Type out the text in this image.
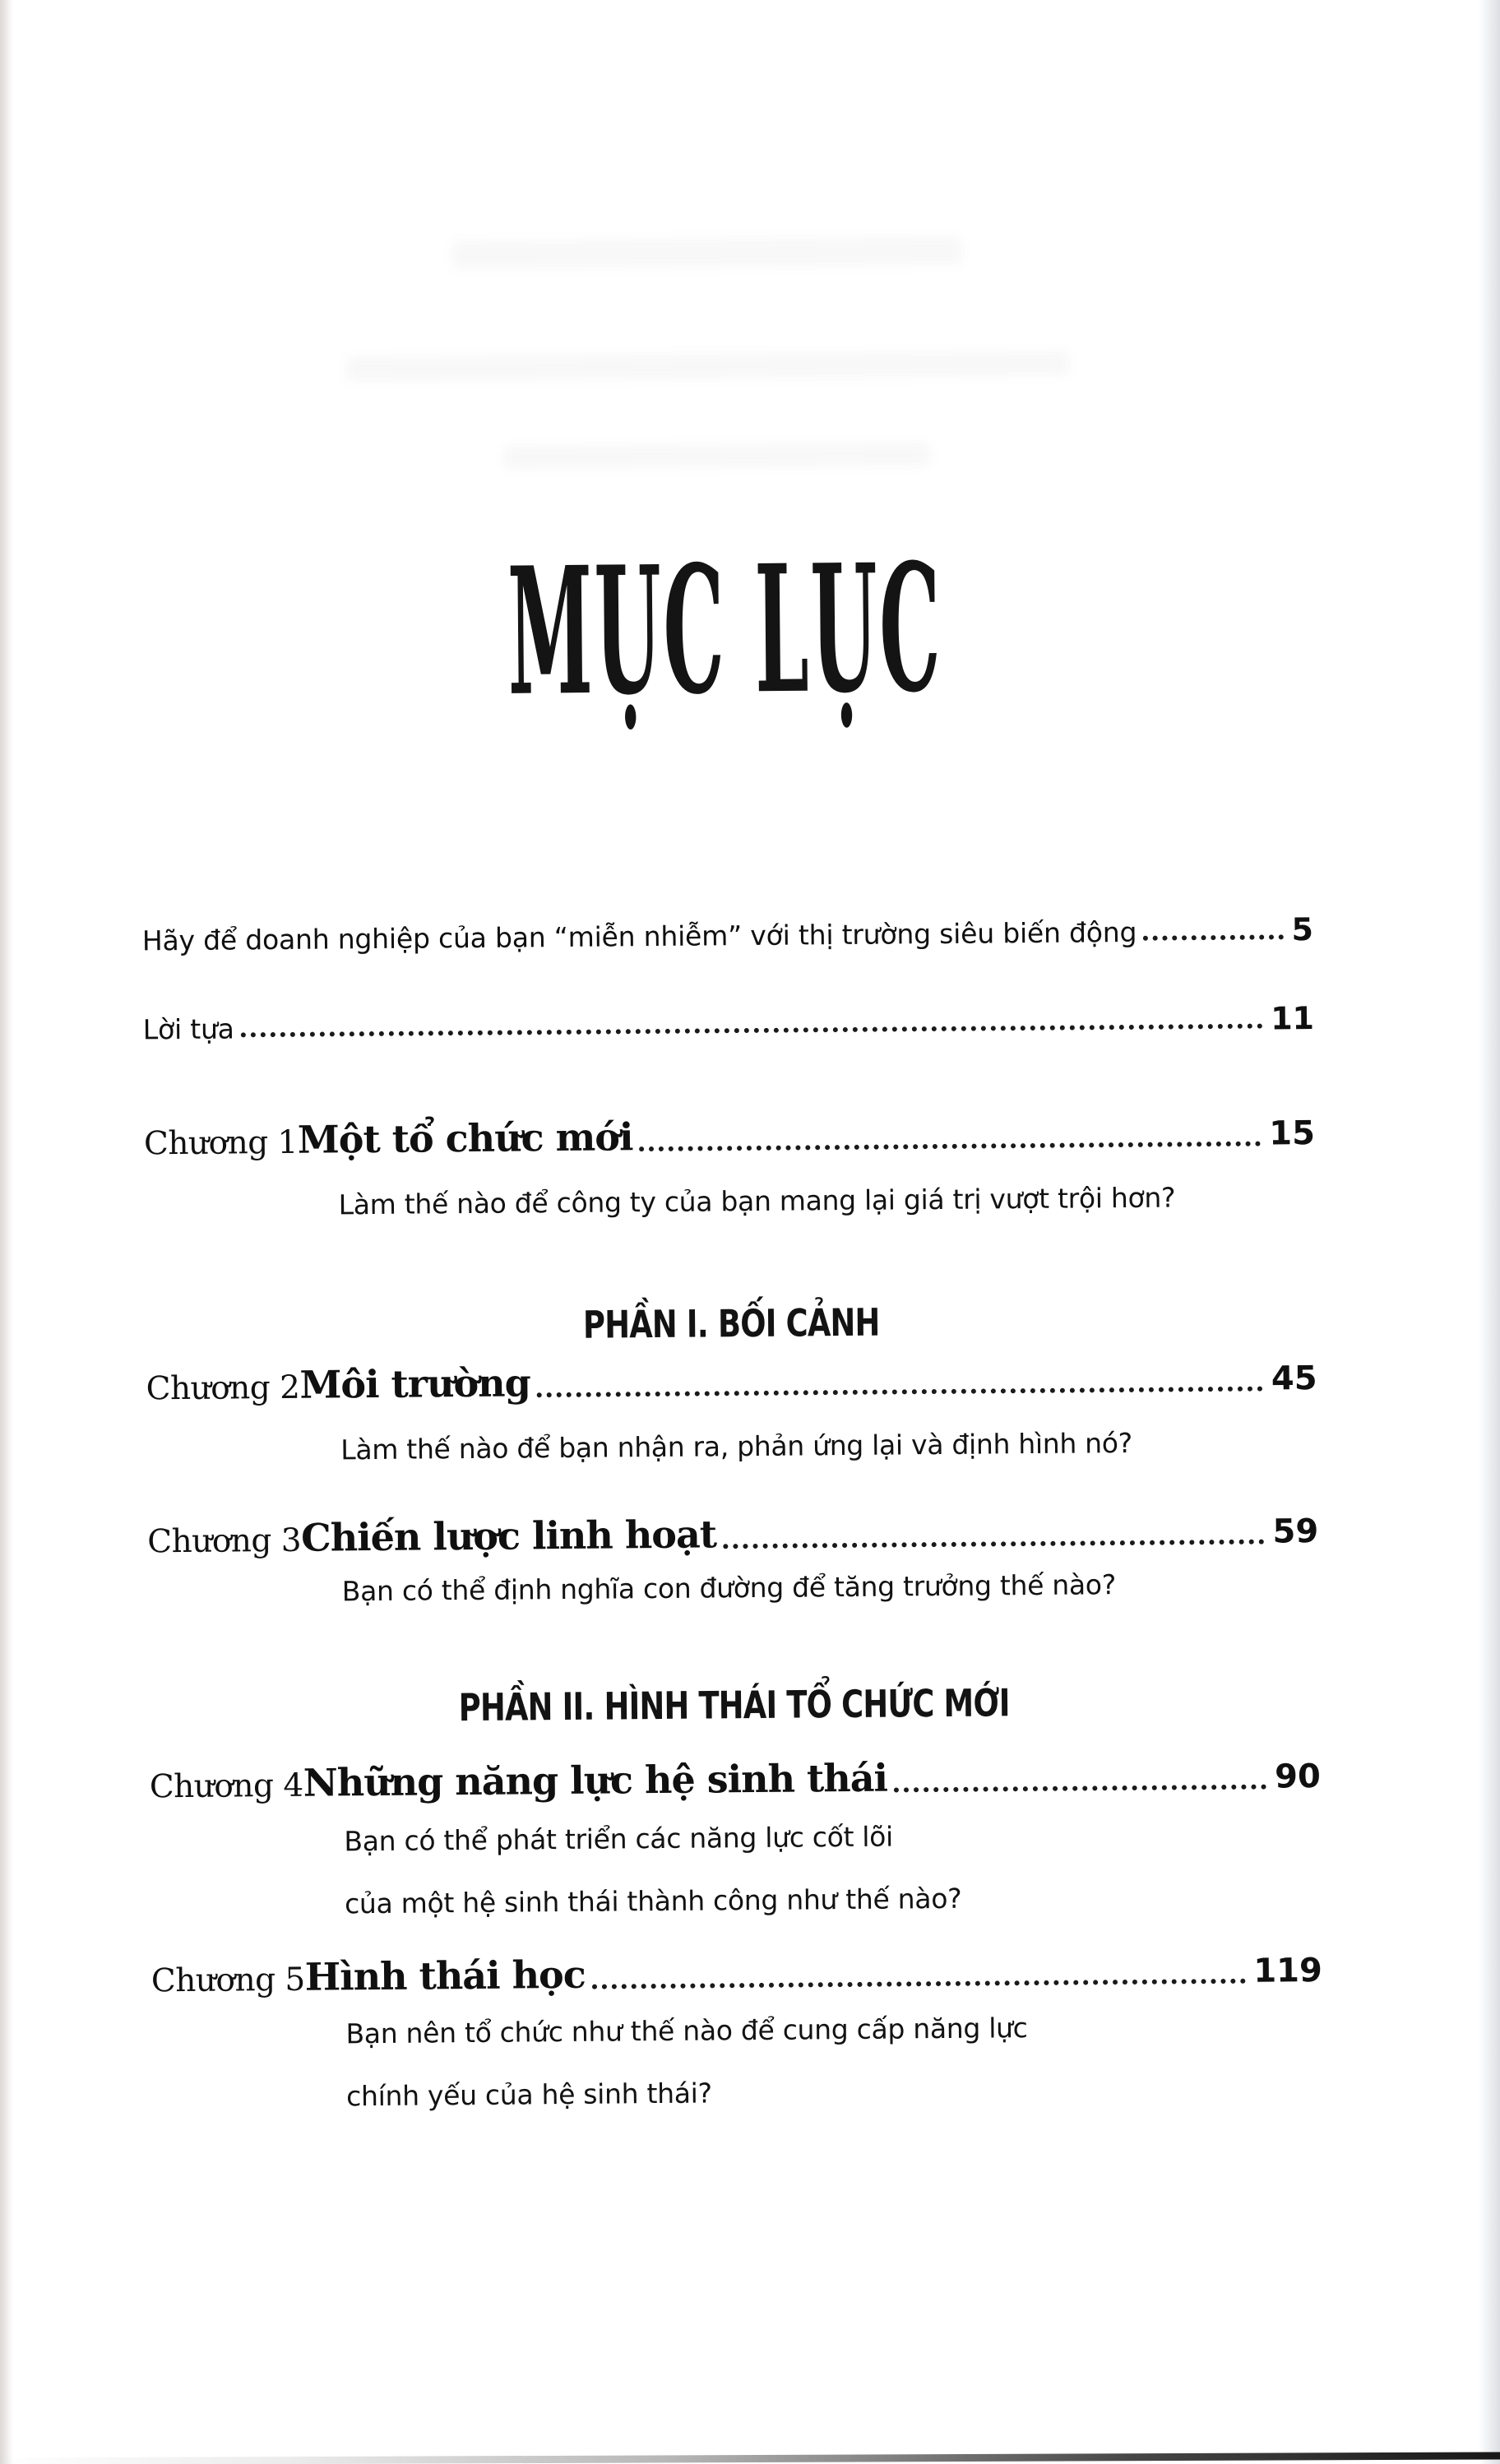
MỤC LỤC
Hãy để doanh nghiệp của bạn “miễn nhiễm” với thị trường siêu biến động	5
Lời tựa	11
Chương 1 Một tổ chức mới	15
Làm thế nào để công ty của bạn mang lại giá trị vượt trội hơn?
PHẦN I. BỐI CẢNH
Chương 2 Môi trường	45
Làm thế nào để bạn nhận ra, phản ứng lại và định hình nó?
Chương 3 Chiến lược linh hoạt	59
Bạn có thể định nghĩa con đường để tăng trưởng thế nào?
PHẦN II. HÌNH THÁI TỔ CHỨC MỚI
Chương 4 Những năng lực hệ sinh thái	90
Bạn có thể phát triển các năng lực cốt lõi
của một hệ sinh thái thành công như thế nào?
Chương 5 Hình thái học	119
Bạn nên tổ chức như thế nào để cung cấp năng lực
chính yếu của hệ sinh thái?
